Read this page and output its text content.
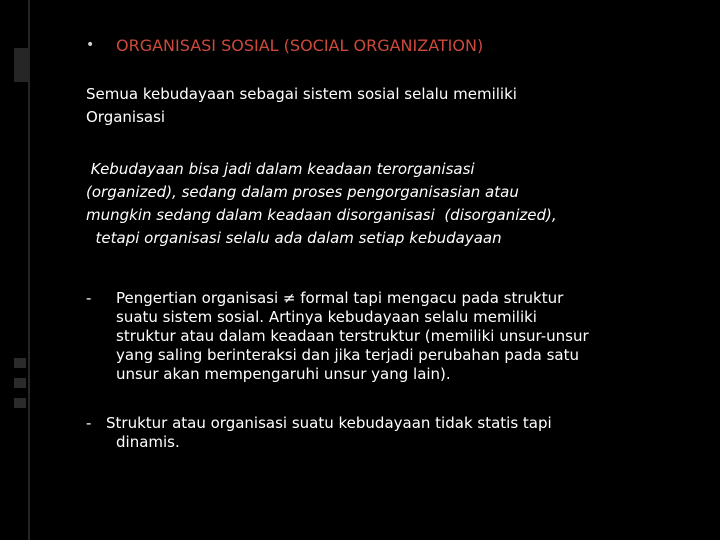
•	ORGANISASI SOSIAL (SOCIAL ORGANIZATION)
Semua kebudayaan sebagai sistem sosial selalu memiliki
Organisasi
Kebudayaan bisa jadi dalam keadaan terorganisasi
(organized), sedang dalam proses pengorganisasian atau
mungkin sedang dalam keadaan disorganisasi  (disorganized),
tetapi organisasi selalu ada dalam setiap kebudayaan
- Pengertian organisasi ≠ formal tapi mengacu pada struktur
suatu sistem sosial. Artinya kebudayaan selalu memiliki
struktur atau dalam keadaan terstruktur (memiliki unsur-unsur
yang saling berinteraksi dan jika terjadi perubahan pada satu
unsur akan mempengaruhi unsur yang lain).
- Struktur atau organisasi suatu kebudayaan tidak statis tapi
dinamis.
